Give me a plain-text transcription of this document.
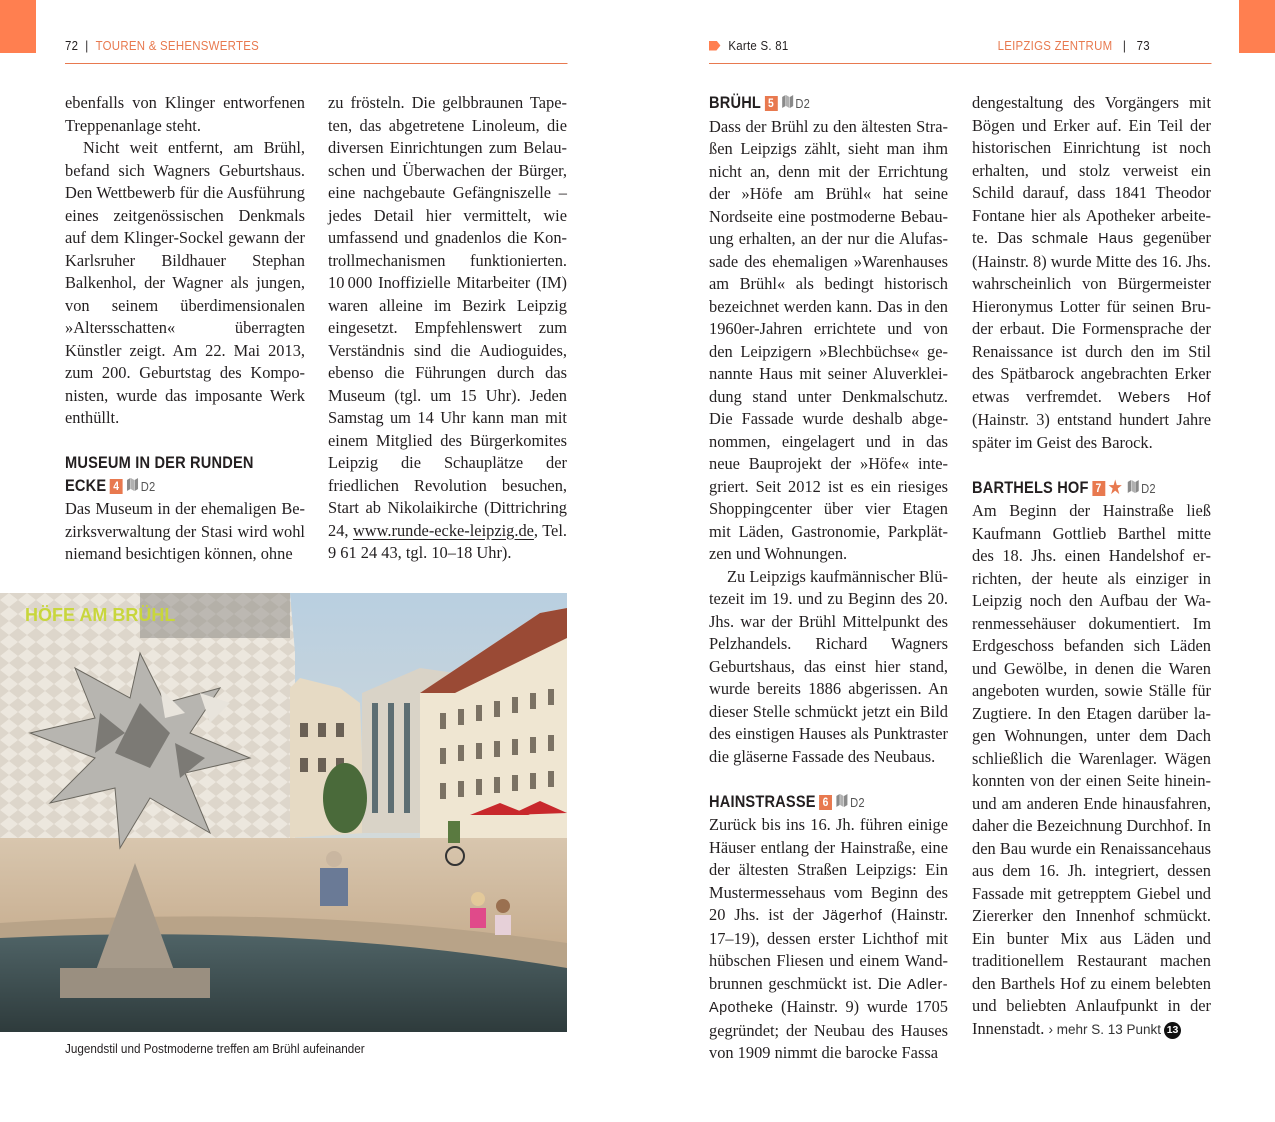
72 | TOUREN & SEHENSWERTES	Karte S. 81	LEIPZIGS ZENTRUM | 73

ebenfalls von Klinger entworfenen Treppenanlage steht.

Nicht weit entfernt, am Brühl, befand sich Wagners Geburtshaus. Den Wettbewerb für die Ausführung eines zeitgenössischen Denkmals auf dem Klinger-Sockel gewann der Karlsruher Bildhauer Stephan Balkenhol, der Wagner als jungen, von seinem überdimensionalen »Altersschatten« überragten Künstler zeigt. Am 22. Mai 2013, zum 200. Geburtstag des Komponisten, wurde das imposante Werk enthüllt.

MUSEUM IN DER RUNDEN
ECKE 4 D2

Das Museum in der ehemaligen Bezirksverwaltung der Stasi wird wohl niemand besichtigen können, ohne

zu frösteln. Die gelbbraunen Tapeten, das abgetretene Linoleum, die diversen Einrichtungen zum Belauschen und Überwachen der Bürger, eine nachgebaute Gefängniszelle – jedes Detail hier vermittelt, wie umfassend und gnadenlos die Kontrollmechanismen funktionierten. 10 000 Inoffizielle Mitarbeiter (IM) waren alleine im Bezirk Leipzig eingesetzt. Empfehlenswert zum Verständnis sind die Audioguides, ebenso die Führungen durch das Museum (tgl. um 15 Uhr). Jeden Samstag um 14 Uhr kann man mit einem Mitglied des Bürgerkomites Leipzig die Schauplätze der friedlichen Revolution besuchen, Start ab Nikolaikirche (Dittrichring 24, www.runde-ecke-leipzig.de, Tel. 9 61 24 43, tgl. 10–18 Uhr).

HÖFE AM BRÜHL
Jugendstil und Postmoderne treffen am Brühl aufeinander
BRÜHL 5 D2

Dass der Brühl zu den ältesten Straßen Leipzigs zählt, sieht man ihm nicht an, denn mit der Errichtung der »Höfe am Brühl« hat seine Nordseite eine postmoderne Bebauung erhalten, an der nur die Alufassade des ehemaligen »Warenhauses am Brühl« als bedingt historisch bezeichnet werden kann. Das in den 1960er-Jahren errichtete und von den Leipzigern »Blechbüchse« genannte Haus mit seiner Aluverkleidung stand unter Denkmalschutz. Die Fassade wurde deshalb abgenommen, eingelagert und in das neue Bauprojekt der »Höfe« integriert. Seit 2012 ist es ein riesiges Shoppingcenter über vier Etagen mit Läden, Gastronomie, Parkplätzen und Wohnungen.

Zu Leipzigs kaufmännischer Blütezeit im 19. und zu Beginn des 20. Jhs. war der Brühl Mittelpunkt des Pelzhandels. Richard Wagners Geburtshaus, das einst hier stand, wurde bereits 1886 abgerissen. An dieser Stelle schmückt jetzt ein Bild des einstigen Hauses als Punktraster die gläserne Fassade des Neubaus.

HAINSTRASSE 6 D2

Zurück bis ins 16. Jh. führen einige Häuser entlang der Hainstraße, eine der ältesten Straßen Leipzigs: Ein Mustermessehaus vom Beginn des 20 Jhs. ist der Jägerhof (Hainstr. 17–19), dessen erster Lichthof mit hübschen Fliesen und einem Wandbrunnen geschmückt ist. Die Adler-Apotheke (Hainstr. 9) wurde 1705 gegründet; der Neubau des Hauses von 1909 nimmt die barocke Fassa

dengestaltung des Vorgängers mit Bögen und Erker auf. Ein Teil der historischen Einrichtung ist noch erhalten, und stolz verweist ein Schild darauf, dass 1841 Theodor Fontane hier als Apotheker arbeitete. Das schmale Haus gegenüber (Hainstr. 8) wurde Mitte des 16. Jhs. wahrscheinlich von Bürgermeister Hieronymus Lotter für seinen Bruder erbaut. Die Formensprache der Renaissance ist durch den im Stil des Spätbarock angebrachten Erker etwas verfremdet. Webers Hof (Hainstr. 3) entstand hundert Jahre später im Geist des Barock.

BARTHELS HOF 7 ★ D2

Am Beginn der Hainstraße ließ Kaufmann Gottlieb Barthel mitte des 18. Jhs. einen Handelshof errichten, der heute als einziger in Leipzig noch den Aufbau der Warenmessehäuser dokumentiert. Im Erdgeschoss befanden sich Läden und Gewölbe, in denen die Waren angeboten wurden, sowie Ställe für Zugtiere. In den Etagen darüber lagen Wohnungen, unter dem Dach schließlich die Warenlager. Wägen konnten von der einen Seite hinein- und am anderen Ende hinausfahren, daher die Bezeichnung Durchhof. In den Bau wurde ein Renaissancehaus aus dem 16. Jh. integriert, dessen Fassade mit getrepptem Giebel und Ziererker den Innenhof schmückt. Ein bunter Mix aus Läden und traditionellem Restaurant machen den Barthels Hof zu einem belebten und beliebten Anlaufpunkt in der Innenstadt. › mehr S. 13 Punkt 13
